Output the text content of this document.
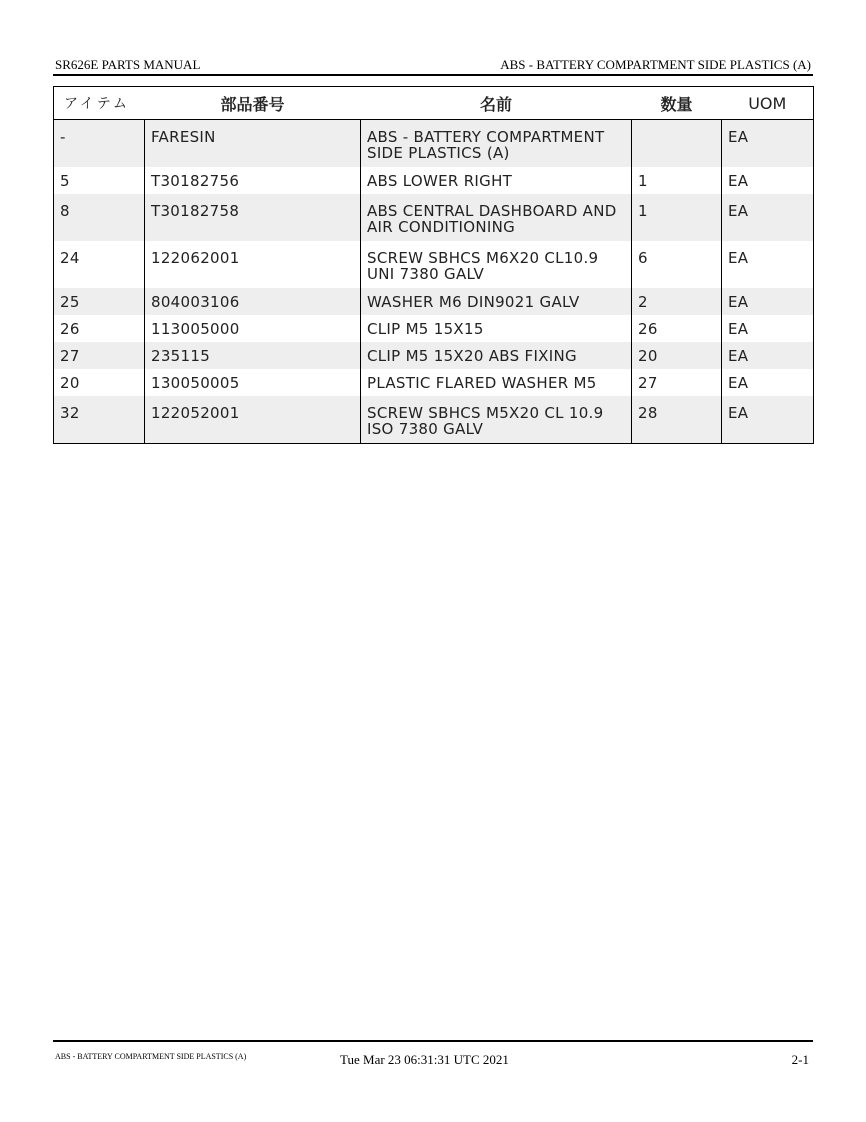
SR626E PARTS MANUAL	ABS - BATTERY COMPARTMENT SIDE PLASTICS (A)
アイテム	部品番号	名前	数量	UOM
-	FARESIN	ABS - BATTERY COMPARTMENT SIDE PLASTICS (A)		EA
5	T30182756	ABS LOWER RIGHT	1	EA
8	T30182758	ABS CENTRAL DASHBOARD AND AIR CONDITIONING	1	EA
24	122062001	SCREW SBHCS M6X20 CL10.9 UNI 7380 GALV	6	EA
25	804003106	WASHER M6 DIN9021 GALV	2	EA
26	113005000	CLIP M5 15X15	26	EA
27	235115	CLIP M5 15X20 ABS FIXING	20	EA
20	130050005	PLASTIC FLARED WASHER M5	27	EA
32	122052001	SCREW SBHCS M5X20 CL 10.9 ISO 7380 GALV	28	EA
ABS - BATTERY COMPARTMENT SIDE PLASTICS (A)	Tue Mar 23 06:31:31 UTC 2021	2-1
